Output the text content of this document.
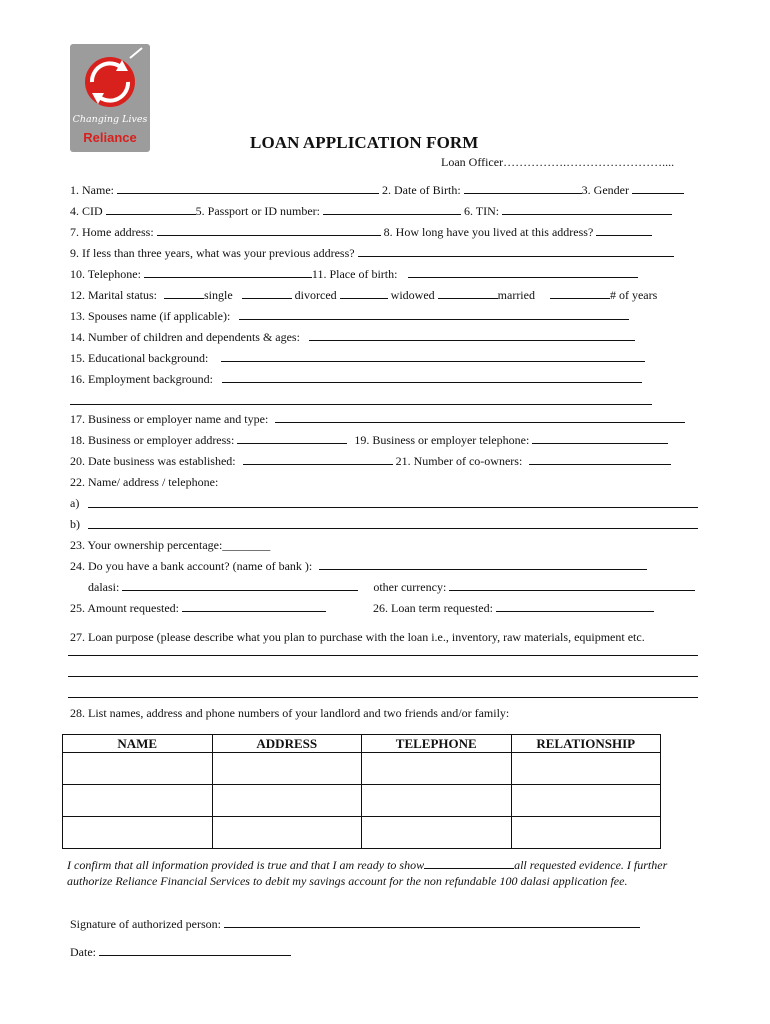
Changing Lives
Reliance	LOAN APPLICATION FORM
Loan Officer…………….……………………....
1. Name:	2. Date of Birth:	3. Gender
4. CID	5. Passport or ID number:	6. TIN:
7. Home address:	8. How long have you lived at this address?
9. If less than three years, what was your previous address?
10. Telephone:	11. Place of birth:
12. Marital status:	single	divorced	widowed	married	# of years
13. Spouses name (if applicable):
14. Number of children and dependents & ages:
15. Educational background:
16. Employment background:
17. Business or employer name and type:
18. Business or employer address:	19. Business or employer telephone:
20. Date business was established:	21. Number of co-owners:
22. Name/ address / telephone:
a)
b)
23. Your ownership percentage:________
24. Do you have a bank account? (name of bank ):
dalasi:	other currency:
25. Amount requested:	26. Loan term requested:
27. Loan purpose (please describe what you plan to purchase with the loan i.e., inventory, raw materials, equipment etc.
28. List names, address and phone numbers of your landlord and two friends and/or family:
NAME	ADDRESS	TELEPHONE	RELATIONSHIP

I confirm that all information provided is true and that I am ready to show	all requested evidence. I further authorize Reliance Financial Services to debit my savings account for the non refundable 100 dalasi application fee.
Signature of authorized person:
Date:
